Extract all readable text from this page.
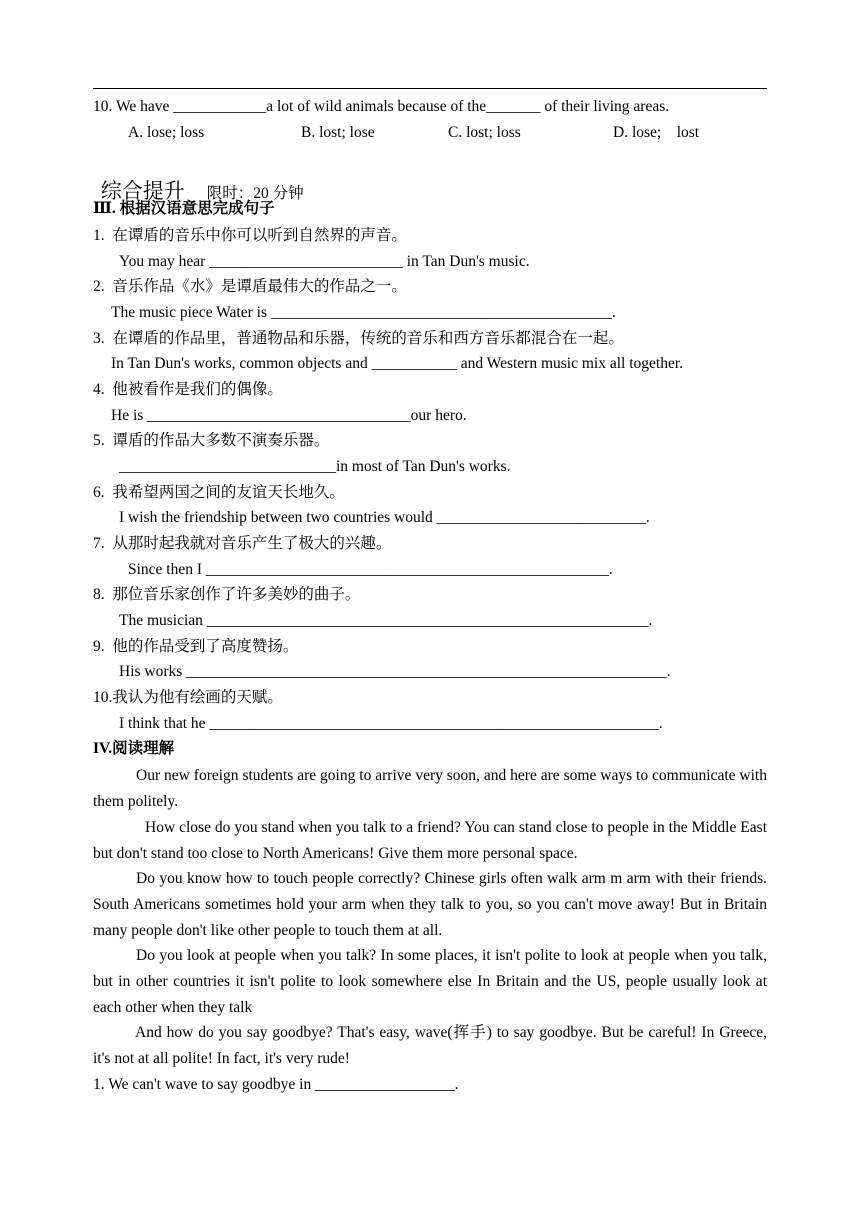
10. We have ____________a lot of wild animals because of the_______ of their living areas.
A. lose; loss	B. lost; lose	C. lost; loss	D. lose;    lost

综合提升 限时：20 分钟

Ⅲ. 根据汉语意思完成句子
1.  在谭盾的音乐中你可以听到自然界的声音。
You may hear _________________________ in Tan Dun's music.
2.  音乐作品《水》是谭盾最伟大的作品之一。
The music piece Water is ____________________________________________.
3.  在谭盾的作品里，普通物品和乐器，传统的音乐和西方音乐都混合在一起。
In Tan Dun's works, common objects and ___________ and Western music mix all together.
4.  他被看作是我们的偶像。
He is __________________________________our hero.
5.  谭盾的作品大多数不演奏乐器。
____________________________in most of Tan Dun's works.
6.  我希望两国之间的友谊天长地久。
I wish the friendship between two countries would ___________________________.
7.  从那时起我就对音乐产生了极大的兴趣。
Since then I ____________________________________________________.
8.  那位音乐家创作了许多美妙的曲子。
The musician _________________________________________________________.
9.  他的作品受到了高度赞扬。
His works ______________________________________________________________.
10.我认为他有绘画的天赋。
I think that he __________________________________________________________.
IV.阅读理解
Our new foreign students are going to arrive very soon, and here are some ways to communicate with them politely.
How close do you stand when you talk to a friend? You can stand close to people in the Middle East but don't stand too close to North Americans! Give them more personal space.
Do you know how to touch people correctly? Chinese girls often walk arm m arm with their friends. South Americans sometimes hold your arm when they talk to you, so you can't move away! But in Britain many people don't like other people to touch them at all.
Do you look at people when you talk? In some places, it isn't polite to look at people when you talk, but in other countries it isn't polite to look somewhere else In Britain and the US, people usually look at each other when they talk
And how do you say goodbye? That's easy, wave(挥手) to say goodbye. But be careful! In Greece, it's not at all polite! In fact, it's very rude!
1. We can't wave to say goodbye in __________________.
